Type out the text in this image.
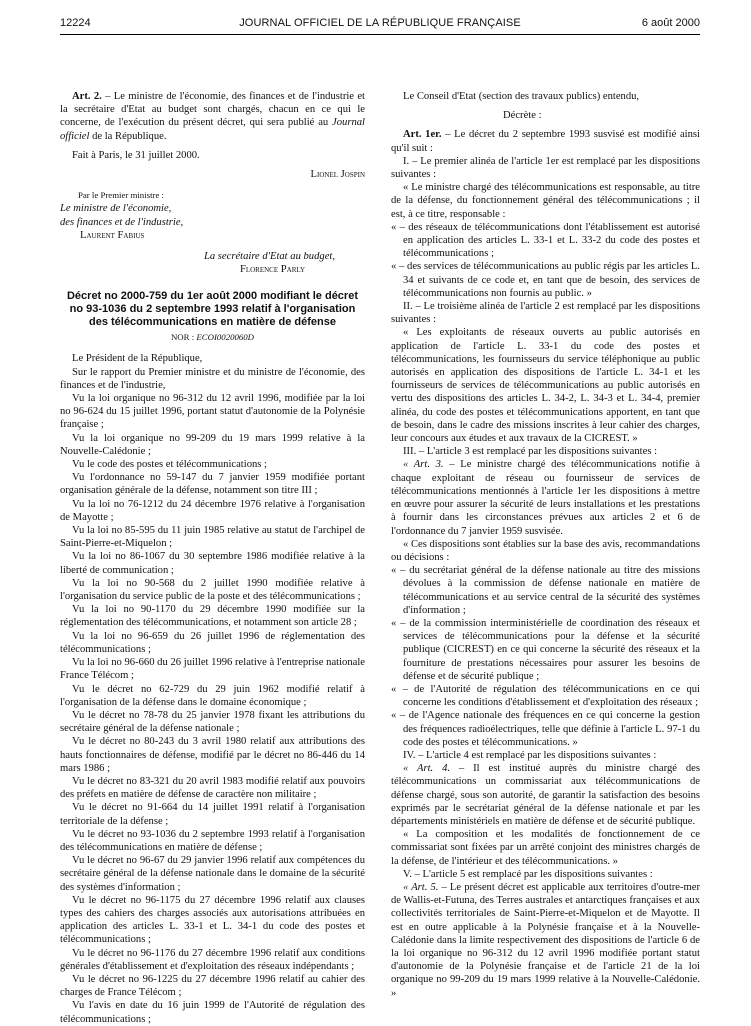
12224	JOURNAL OFFICIEL DE LA RÉPUBLIQUE FRANÇAISE	6 août 2000

Art. 2. – Le ministre de l'économie, des finances et de l'industrie et la secrétaire d'Etat au budget sont chargés, chacun en ce qui le concerne, de l'exécution du présent décret, qui sera publié au Journal officiel de la République.

Fait à Paris, le 31 juillet 2000.

Lionel Jospin

Par le Premier ministre :

Le ministre de l'économie,

des finances et de l'industrie,

Laurent Fabius

La secrétaire d'Etat au budget,

Florence Parly

Décret no 2000-759 du 1er août 2000 modifiant le décret no 93-1036 du 2 septembre 1993 relatif à l'organisation des télécommunications en matière de défense

NOR : ECOI0020060D

Le Président de la République,

Sur le rapport du Premier ministre et du ministre de l'économie, des finances et de l'industrie,

Vu la loi organique no 96-312 du 12 avril 1996, modifiée par la loi no 96-624 du 15 juillet 1996, portant statut d'autonomie de la Polynésie française ;

Vu la loi organique no 99-209 du 19 mars 1999 relative à la Nouvelle-Calédonie ;

Vu le code des postes et télécommunications ;

Vu l'ordonnance no 59-147 du 7 janvier 1959 modifiée portant organisation générale de la défense, notamment son titre III ;

Vu la loi no 76-1212 du 24 décembre 1976 relative à l'organisation de Mayotte ;

Vu la loi no 85-595 du 11 juin 1985 relative au statut de l'archipel de Saint-Pierre-et-Miquelon ;

Vu la loi no 86-1067 du 30 septembre 1986 modifiée relative à la liberté de communication ;

Vu la loi no 90-568 du 2 juillet 1990 modifiée relative à l'organisation du service public de la poste et des télécommunications ;

Vu la loi no 90-1170 du 29 décembre 1990 modifiée sur la réglementation des télécommunications, et notamment son article 28 ;

Vu la loi no 96-659 du 26 juillet 1996 de réglementation des télécommunications ;

Vu la loi no 96-660 du 26 juillet 1996 relative à l'entreprise nationale France Télécom ;

Vu le décret no 62-729 du 29 juin 1962 modifié relatif à l'organisation de la défense dans le domaine économique ;

Vu le décret no 78-78 du 25 janvier 1978 fixant les attributions du secrétaire général de la défense nationale ;

Vu le décret no 80-243 du 3 avril 1980 relatif aux attributions des hauts fonctionnaires de défense, modifié par le décret no 86-446 du 14 mars 1986 ;

Vu le décret no 83-321 du 20 avril 1983 modifié relatif aux pouvoirs des préfets en matière de défense de caractère non militaire ;

Vu le décret no 91-664 du 14 juillet 1991 relatif à l'organisation territoriale de la défense ;

Vu le décret no 93-1036 du 2 septembre 1993 relatif à l'organisation des télécommunications en matière de défense ;

Vu le décret no 96-67 du 29 janvier 1996 relatif aux compétences du secrétaire général de la défense nationale dans le domaine de la sécurité des systèmes d'information ;

Vu le décret no 96-1175 du 27 décembre 1996 relatif aux clauses types des cahiers des charges associés aux autorisations attribuées en application des articles L. 33-1 et L. 34-1 du code des postes et télécommunications ;

Vu le décret no 96-1176 du 27 décembre 1996 relatif aux conditions générales d'établissement et d'exploitation des réseaux indépendants ;

Vu le décret no 96-1225 du 27 décembre 1996 relatif au cahier des charges de France Télécom ;

Vu l'avis en date du 16 juin 1999 de l'Autorité de régulation des télécommunications ;

Le Conseil d'Etat (section des travaux publics) entendu,

Décrète :

Art. 1er. – Le décret du 2 septembre 1993 susvisé est modifié ainsi qu'il suit :

I. – Le premier alinéa de l'article 1er est remplacé par les dispositions suivantes :

« Le ministre chargé des télécommunications est responsable, au titre de la défense, du fonctionnement général des télécommunications ; il est, à ce titre, responsable :

« – des réseaux de télécommunications dont l'établissement est autorisé en application des articles L. 33-1 et L. 33-2 du code des postes et télécommunications ;

« – des services de télécommunications au public régis par les articles L. 34 et suivants de ce code et, en tant que de besoin, des services de télécommunications non fournis au public. »

II. – Le troisième alinéa de l'article 2 est remplacé par les dispositions suivantes :

« Les exploitants de réseaux ouverts au public autorisés en application de l'article L. 33-1 du code des postes et télécommunications, les fournisseurs du service téléphonique au public autorisés en application des dispositions de l'article L. 34-1 et les fournisseurs de services de télécommunications au public autorisés en vertu des dispositions des articles L. 34-2, L. 34-3 et L. 34-4, premier alinéa, du code des postes et télécommunications apportent, en tant que de besoin, dans le cadre des missions inscrites à leur cahier des charges, leur concours aux études et aux travaux de la CICREST. »

III. – L'article 3 est remplacé par les dispositions suivantes :

« Art. 3. – Le ministre chargé des télécommunications notifie à chaque exploitant de réseau ou fournisseur de services de télécommunications mentionnés à l'article 1er les dispositions à mettre en œuvre pour assurer la sécurité de leurs installations et les prestations à fournir dans les circonstances prévues aux articles 2 et 6 de l'ordonnance du 7 janvier 1959 susvisée.

« Ces dispositions sont établies sur la base des avis, recommandations ou décisions :

« – du secrétariat général de la défense nationale au titre des missions dévolues à la commission de défense nationale en matière de télécommunications et au service central de la sécurité des systèmes d'information ;

« – de la commission interministérielle de coordination des réseaux et services de télécommunications pour la défense et la sécurité publique (CICREST) en ce qui concerne la sécurité des réseaux et la fourniture de prestations nécessaires pour assurer les besoins de défense et de sécurité publique ;

« – de l'Autorité de régulation des télécommunications en ce qui concerne les conditions d'établissement et d'exploitation des réseaux ;

« – de l'Agence nationale des fréquences en ce qui concerne la gestion des fréquences radioélectriques, telle que définie à l'article L. 97-1 du code des postes et télécommunications. »

IV. – L'article 4 est remplacé par les dispositions suivantes :

« Art. 4. – Il est institué auprès du ministre chargé des télécommunications un commissariat aux télécommunications de défense chargé, sous son autorité, de garantir la satisfaction des besoins exprimés par le secrétariat général de la défense nationale et par les départements ministériels en matière de défense et de sécurité publique.

« La composition et les modalités de fonctionnement de ce commissariat sont fixées par un arrêté conjoint des ministres chargés de la défense, de l'intérieur et des télécommunications. »

V. – L'article 5 est remplacé par les dispositions suivantes :

« Art. 5. – Le présent décret est applicable aux territoires d'outre-mer de Wallis-et-Futuna, des Terres australes et antarctiques françaises et aux collectivités territoriales de Saint-Pierre-et-Miquelon et de Mayotte. Il est en outre applicable à la Polynésie française et à la Nouvelle-Calédonie dans la limite respectivement des dispositions de l'article 6 de la loi organique no 96-312 du 12 avril 1996 modifiée portant statut d'autonomie de la Polynésie française et de l'article 21 de la loi organique no 99-209 du 19 mars 1999 relative à la Nouvelle-Calédonie. »
